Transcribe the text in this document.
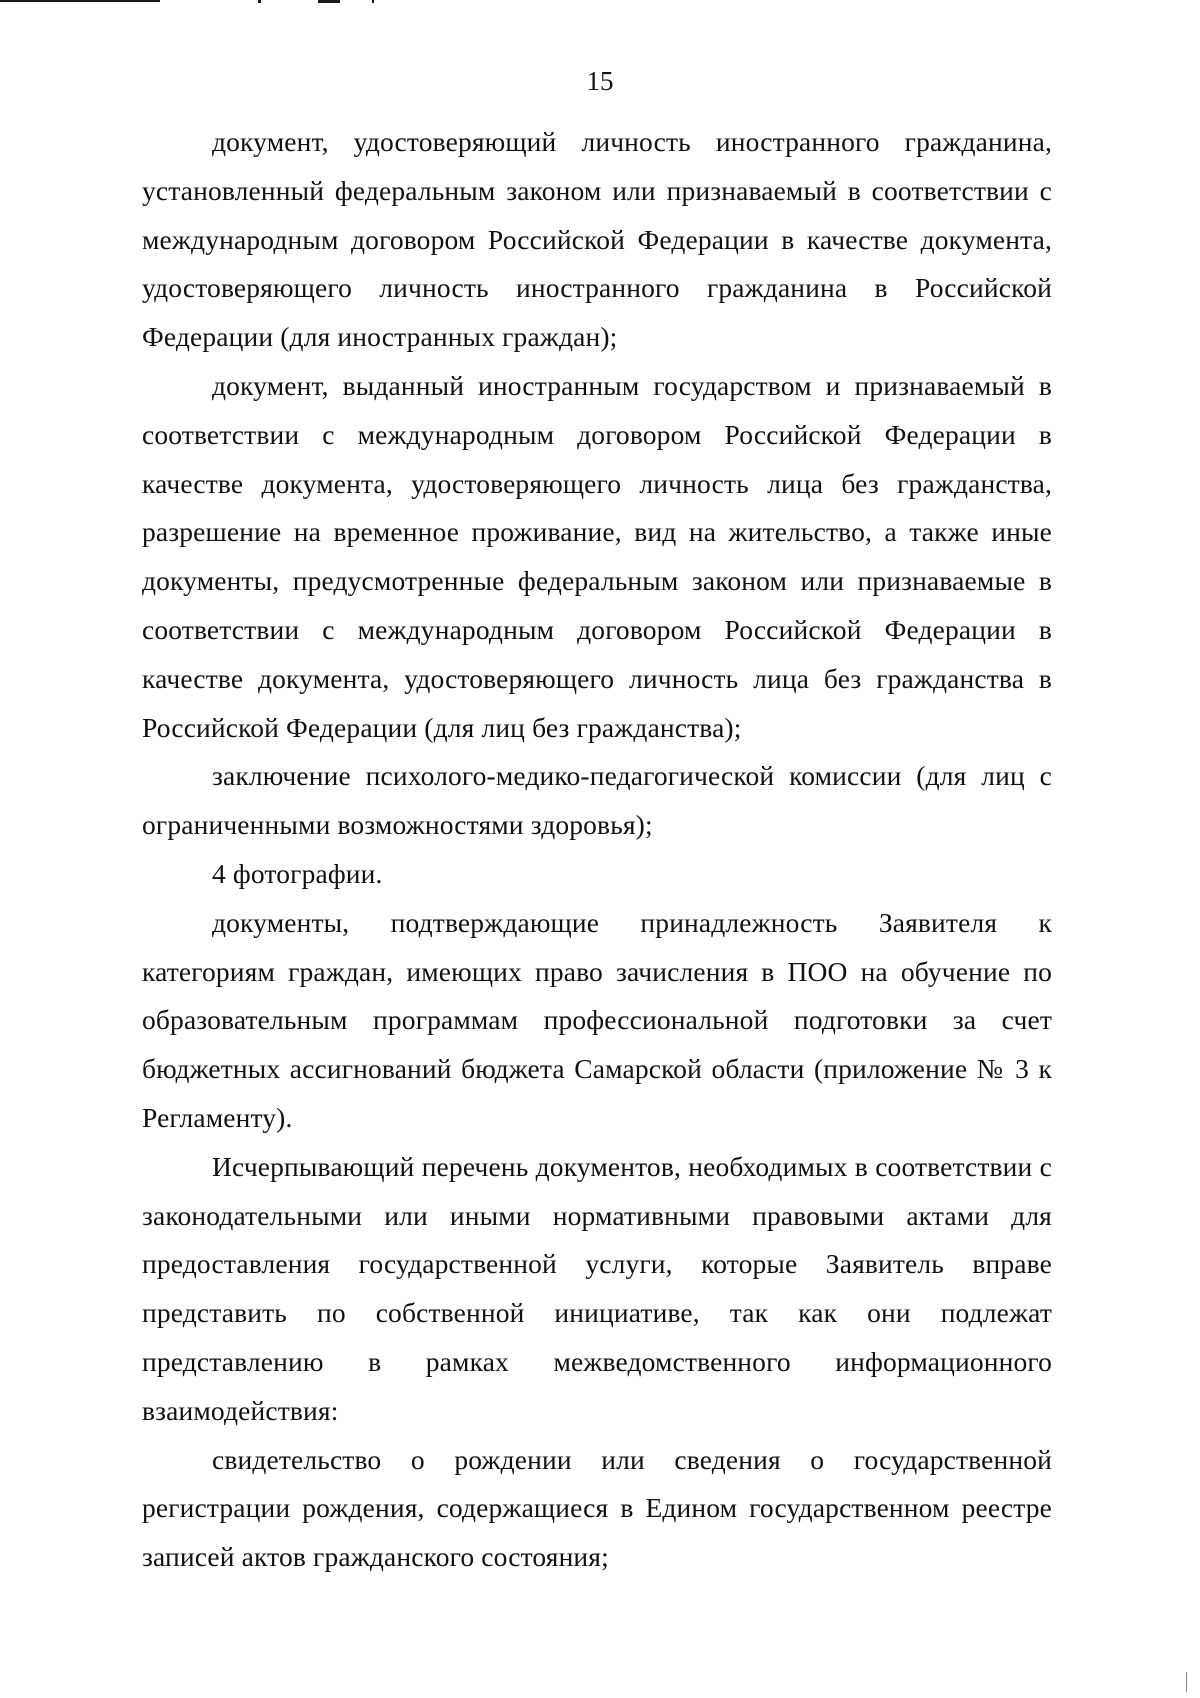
15

документ, удостоверяющий личность иностранного гражданина, установленный федеральным законом или признаваемый в соответствии с международным договором Российской Федерации в качестве документа, удостоверяющего личность иностранного гражданина в Российской Федерации (для иностранных граждан);

документ, выданный иностранным государством и признаваемый в соответствии с международным договором Российской Федерации в качестве документа, удостоверяющего личность лица без гражданства, разрешение на временное проживание, вид на жительство, а также иные документы, предусмотренные федеральным законом или признаваемые в соответствии с международным договором Российской Федерации в качестве документа, удостоверяющего личность лица без гражданства в Российской Федерации (для лиц без гражданства);

заключение психолого-медико-педагогической комиссии (для лиц с ограниченными возможностями здоровья);

4 фотографии.

документы, подтверждающие принадлежность Заявителя к категориям граждан, имеющих право зачисления в ПОО на обучение по образовательным программам профессиональной подготовки за счет бюджетных ассигнований бюджета Самарской области (приложение № 3 к Регламенту).

Исчерпывающий перечень документов, необходимых в соответствии с законодательными или иными нормативными правовыми актами для предоставления государственной услуги, которые Заявитель вправе представить по собственной инициативе, так как они подлежат представлению в рамках межведомственного информационного взаимодействия:

свидетельство о рождении или сведения о государственной регистрации рождения, содержащиеся в Едином государственном реестре записей актов гражданского состояния;
